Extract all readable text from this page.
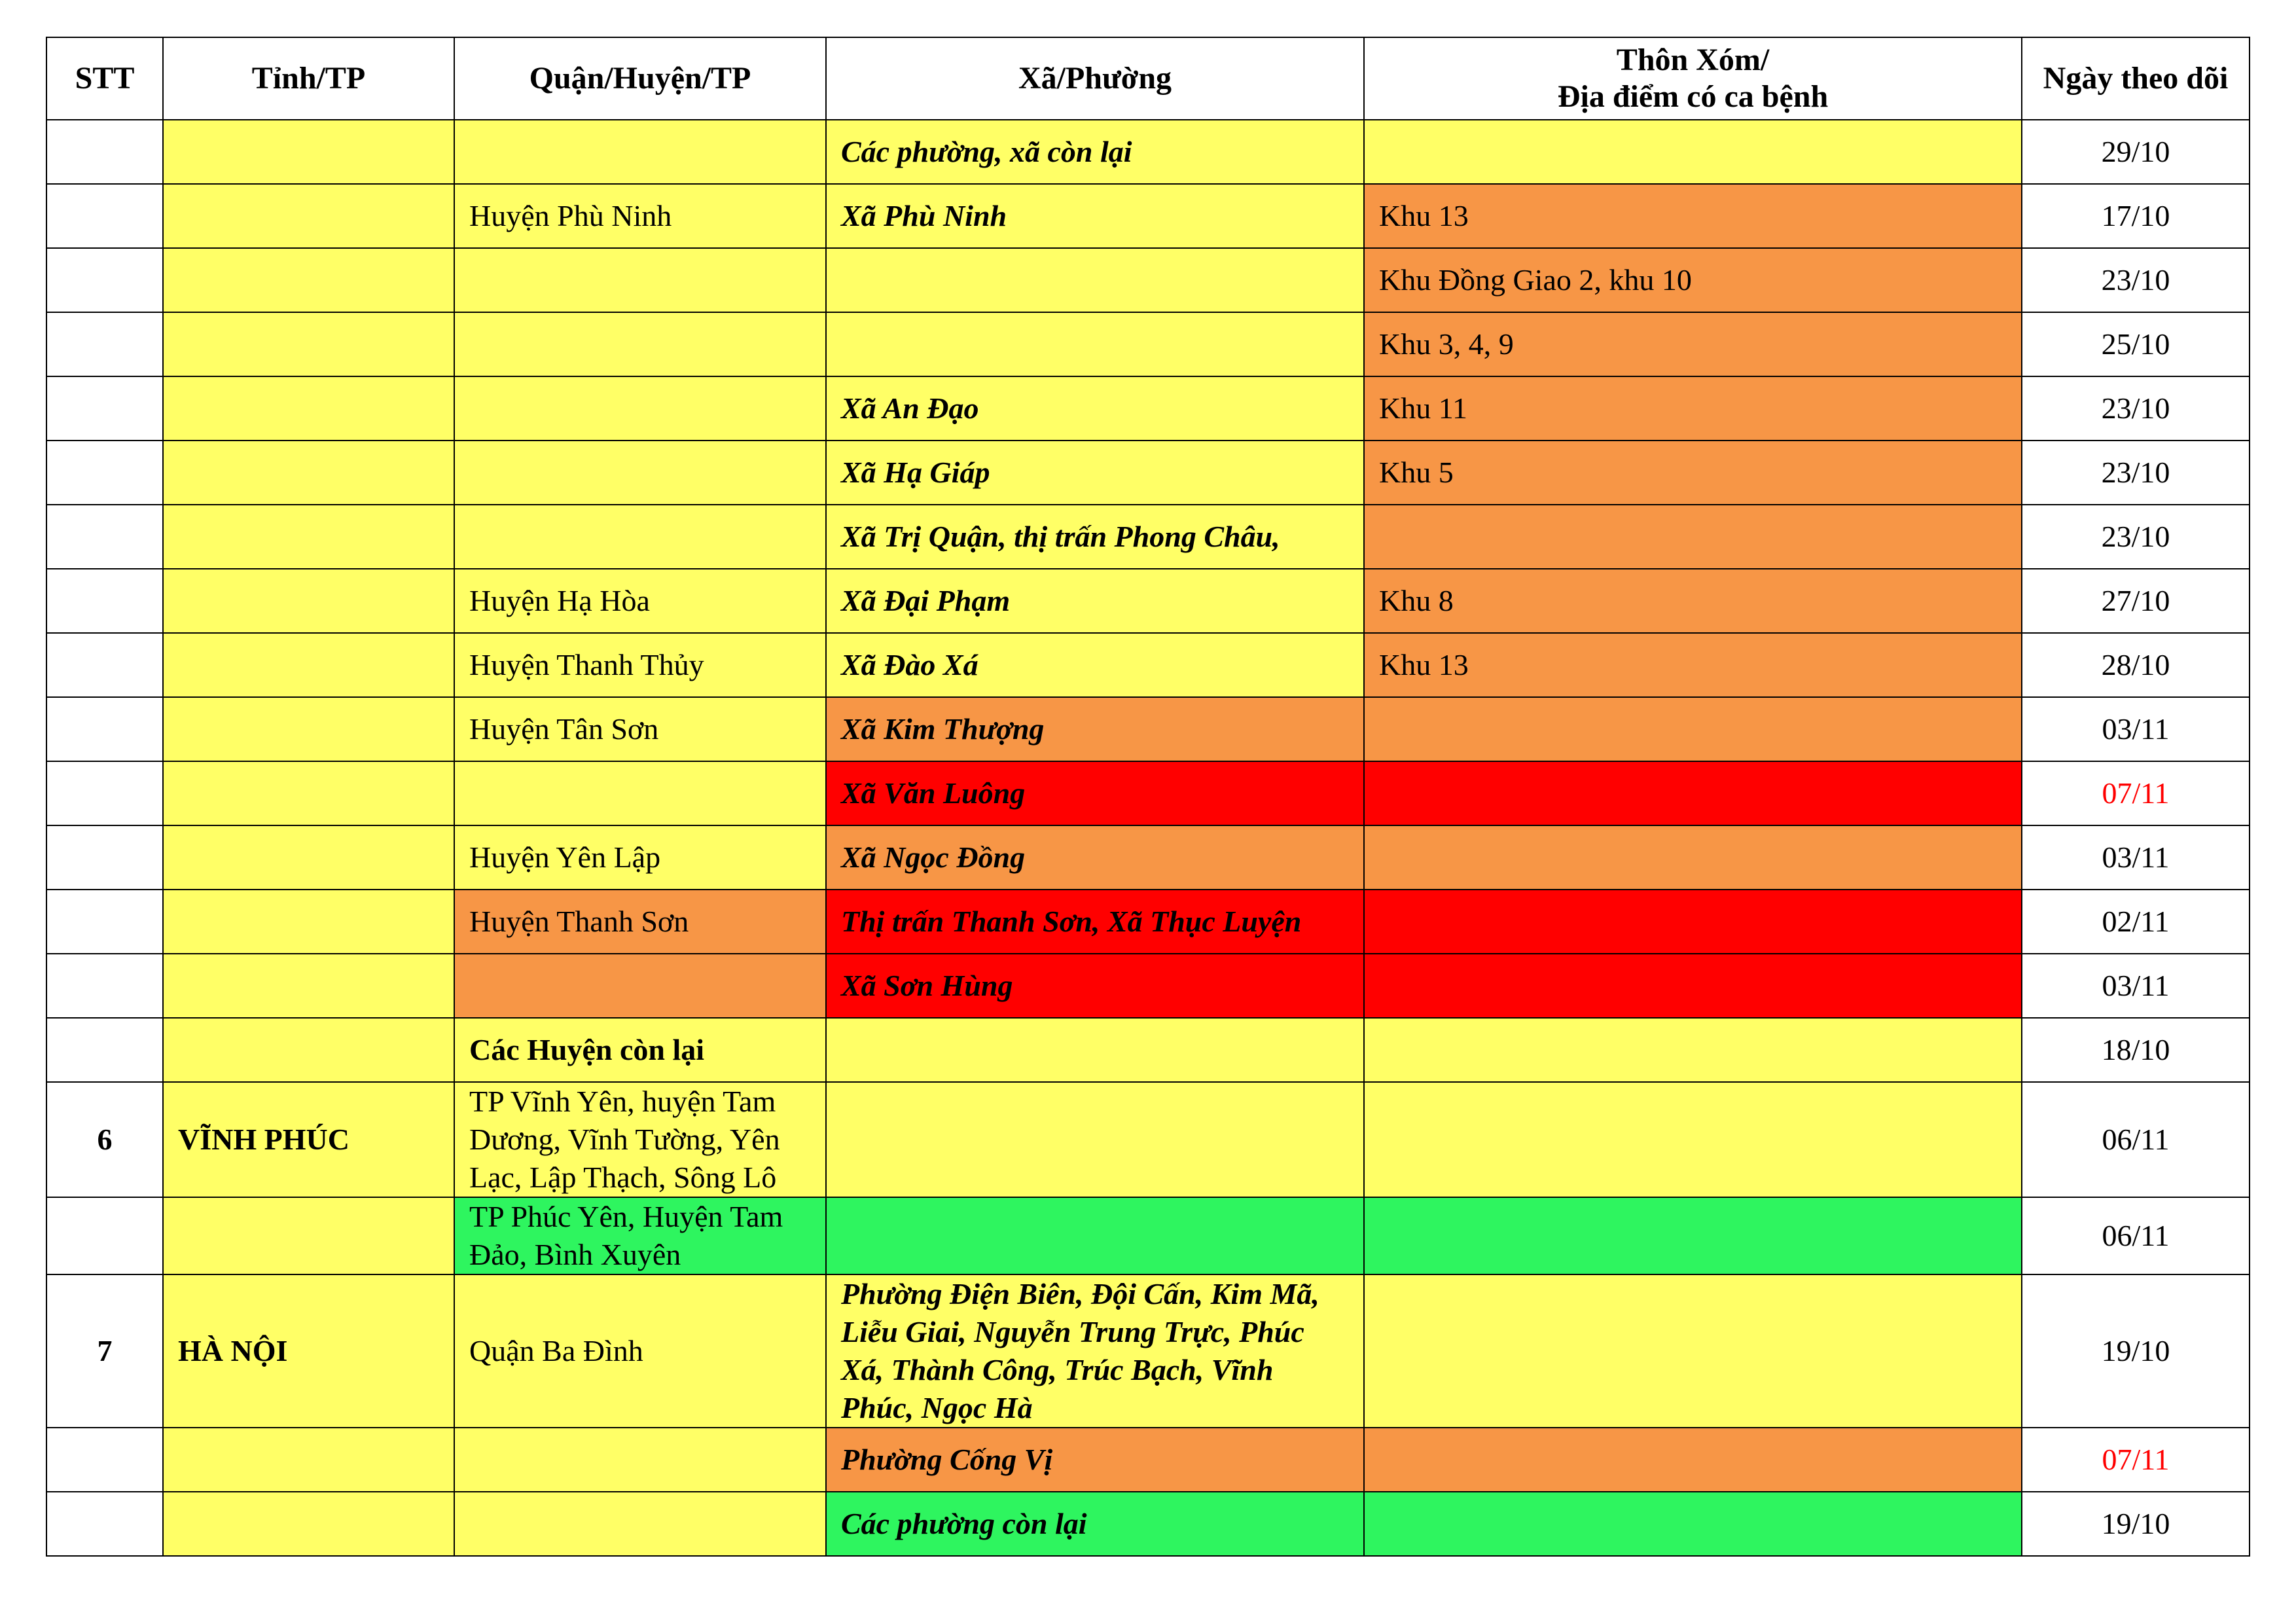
STT	Tỉnh/TP	Quận/Huyện/TP	Xã/Phường	Thôn Xóm/
Địa điểm có ca bệnh	Ngày theo dõi
			Các phường, xã còn lại		29/10
		Huyện Phù Ninh	Xã Phù Ninh	Khu 13	17/10
				Khu Đồng Giao 2, khu 10	23/10
				Khu 3, 4, 9	25/10
			Xã An Đạo	Khu 11	23/10
			Xã Hạ Giáp	Khu 5	23/10
			Xã Trị Quận, thị trấn Phong Châu,		23/10
		Huyện Hạ Hòa	Xã Đại Phạm	Khu 8	27/10
		Huyện Thanh Thủy	Xã Đào Xá	Khu 13	28/10
		Huyện Tân Sơn	Xã Kim Thượng		03/11
			Xã Văn Luông		07/11
		Huyện Yên Lập	Xã Ngọc Đồng		03/11
		Huyện Thanh Sơn	Thị trấn Thanh Sơn, Xã Thục Luyện		02/11
			Xã Sơn Hùng		03/11
		Các Huyện còn lại			18/10
6	VĨNH PHÚC	TP Vĩnh Yên, huyện Tam Dương, Vĩnh Tường, Yên Lạc, Lập Thạch, Sông Lô			06/11
		TP Phúc Yên, Huyện Tam Đảo, Bình Xuyên			06/11
7	HÀ NỘI	Quận Ba Đình	Phường Điện Biên, Đội Cấn, Kim Mã, Liễu Giai, Nguyễn Trung Trực, Phúc Xá, Thành Công, Trúc Bạch, Vĩnh Phúc, Ngọc Hà		19/10
			Phường Cống Vị		07/11
			Các phường còn lại		19/10
